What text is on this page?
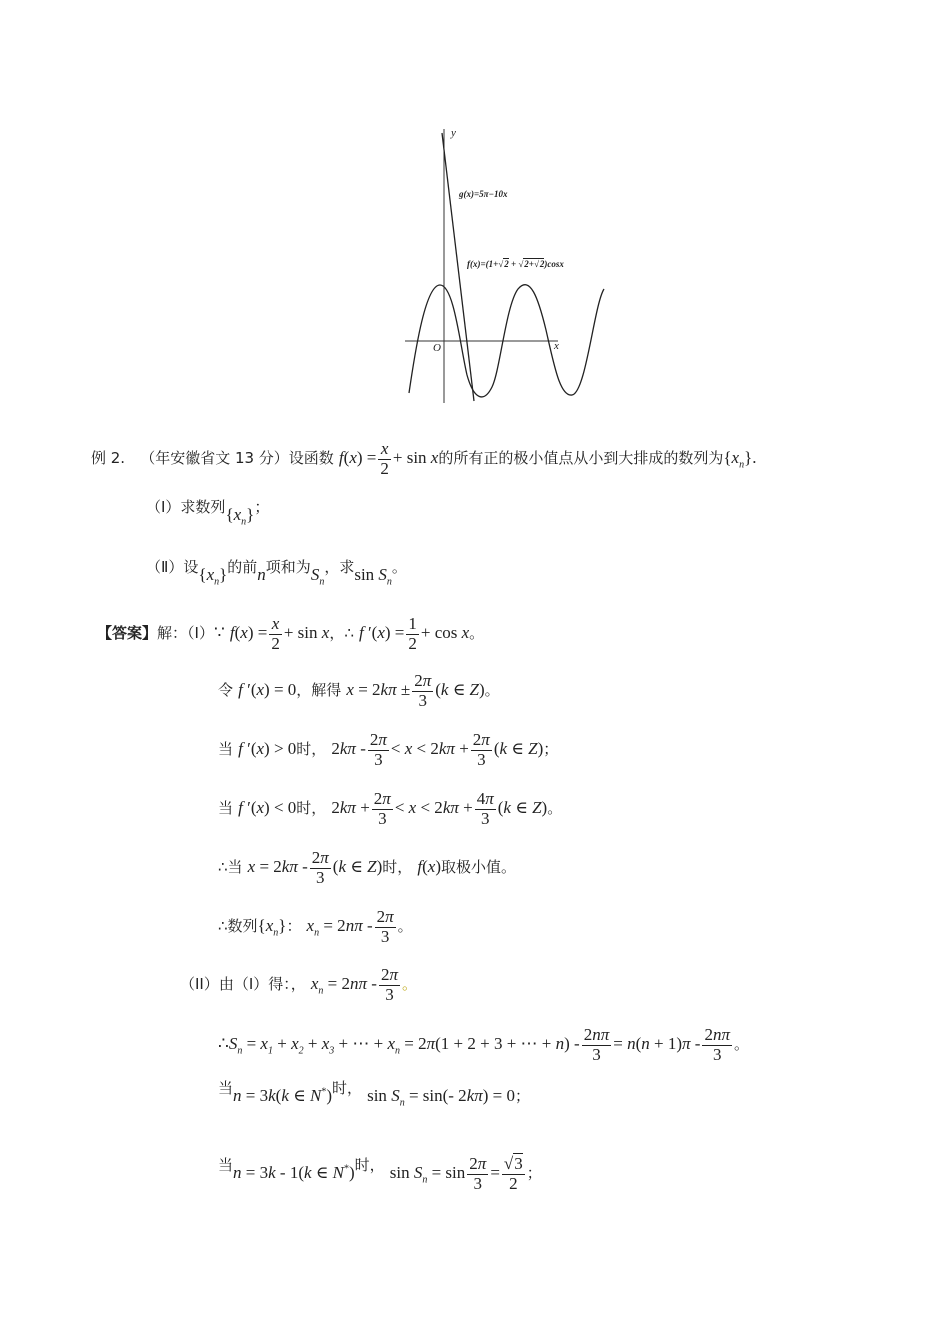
y
x
O
g(x)=5π−10x
f(x)=(1+√2 + √2+√2)cosx
例 2. （年安徽省文 13 分）设函数 $f(x) = \frac{x}{2} + \sin x$的所有正的极小值点从小到大排成的数列为$\{x_n\}$.
（Ⅰ）求数列$\{x_n\}$；
（Ⅱ）设$\{x_n\}$的前n项和为$S_n$，求$\sin S_n$。
【答案】解：（I）∵ $f(x) = \frac{x}{2} + \sin x$，∴ f $'(x) = \frac{1}{2} + \cos x$。
令 f ′(x) = 0，解得 $x = 2k\pi \pm \frac{2\pi}{3} (k$ ∈ Z)。
当 f ′(x) > 0时， $2k\pi - \frac{2\pi}{3} < x < 2k\pi + \frac{2\pi}{3} (k$ ∈ Z)；
当 f ′(x) < 0时， $2k\pi + \frac{2\pi}{3} < x < 2k\pi + \frac{4\pi}{3} (k$ ∈ Z)。
∴当 $x = 2k\pi - \frac{2\pi}{3} (k$ ∈ Z)时， f(x)取极小值。
∴数列$\{x_n\}$： $x_n = 2n\pi - \frac{2\pi}{3}$ 。
（II）由（I）得：， $x_n = 2n\pi - \frac{2\pi}{3}$ 。
$\therefore S_n = x_1 + x_2 + x_3$ + ⋯ + $x_n = 2\pi(1 + 2 + 3$ + ⋯ + $n) - \frac{2n\pi}{3} = n(n + 1)\pi - \frac{2n\pi}{3}$ 。
当n = 3k(k ∈ N*)时， $\sin S_n = \sin(-$ 2kπ) = 0；
当n = 3k - 1(k ∈ N*)时， $\sin S_n = \sin \frac{2\pi}{3} = \frac{√3}{2}$ ；
